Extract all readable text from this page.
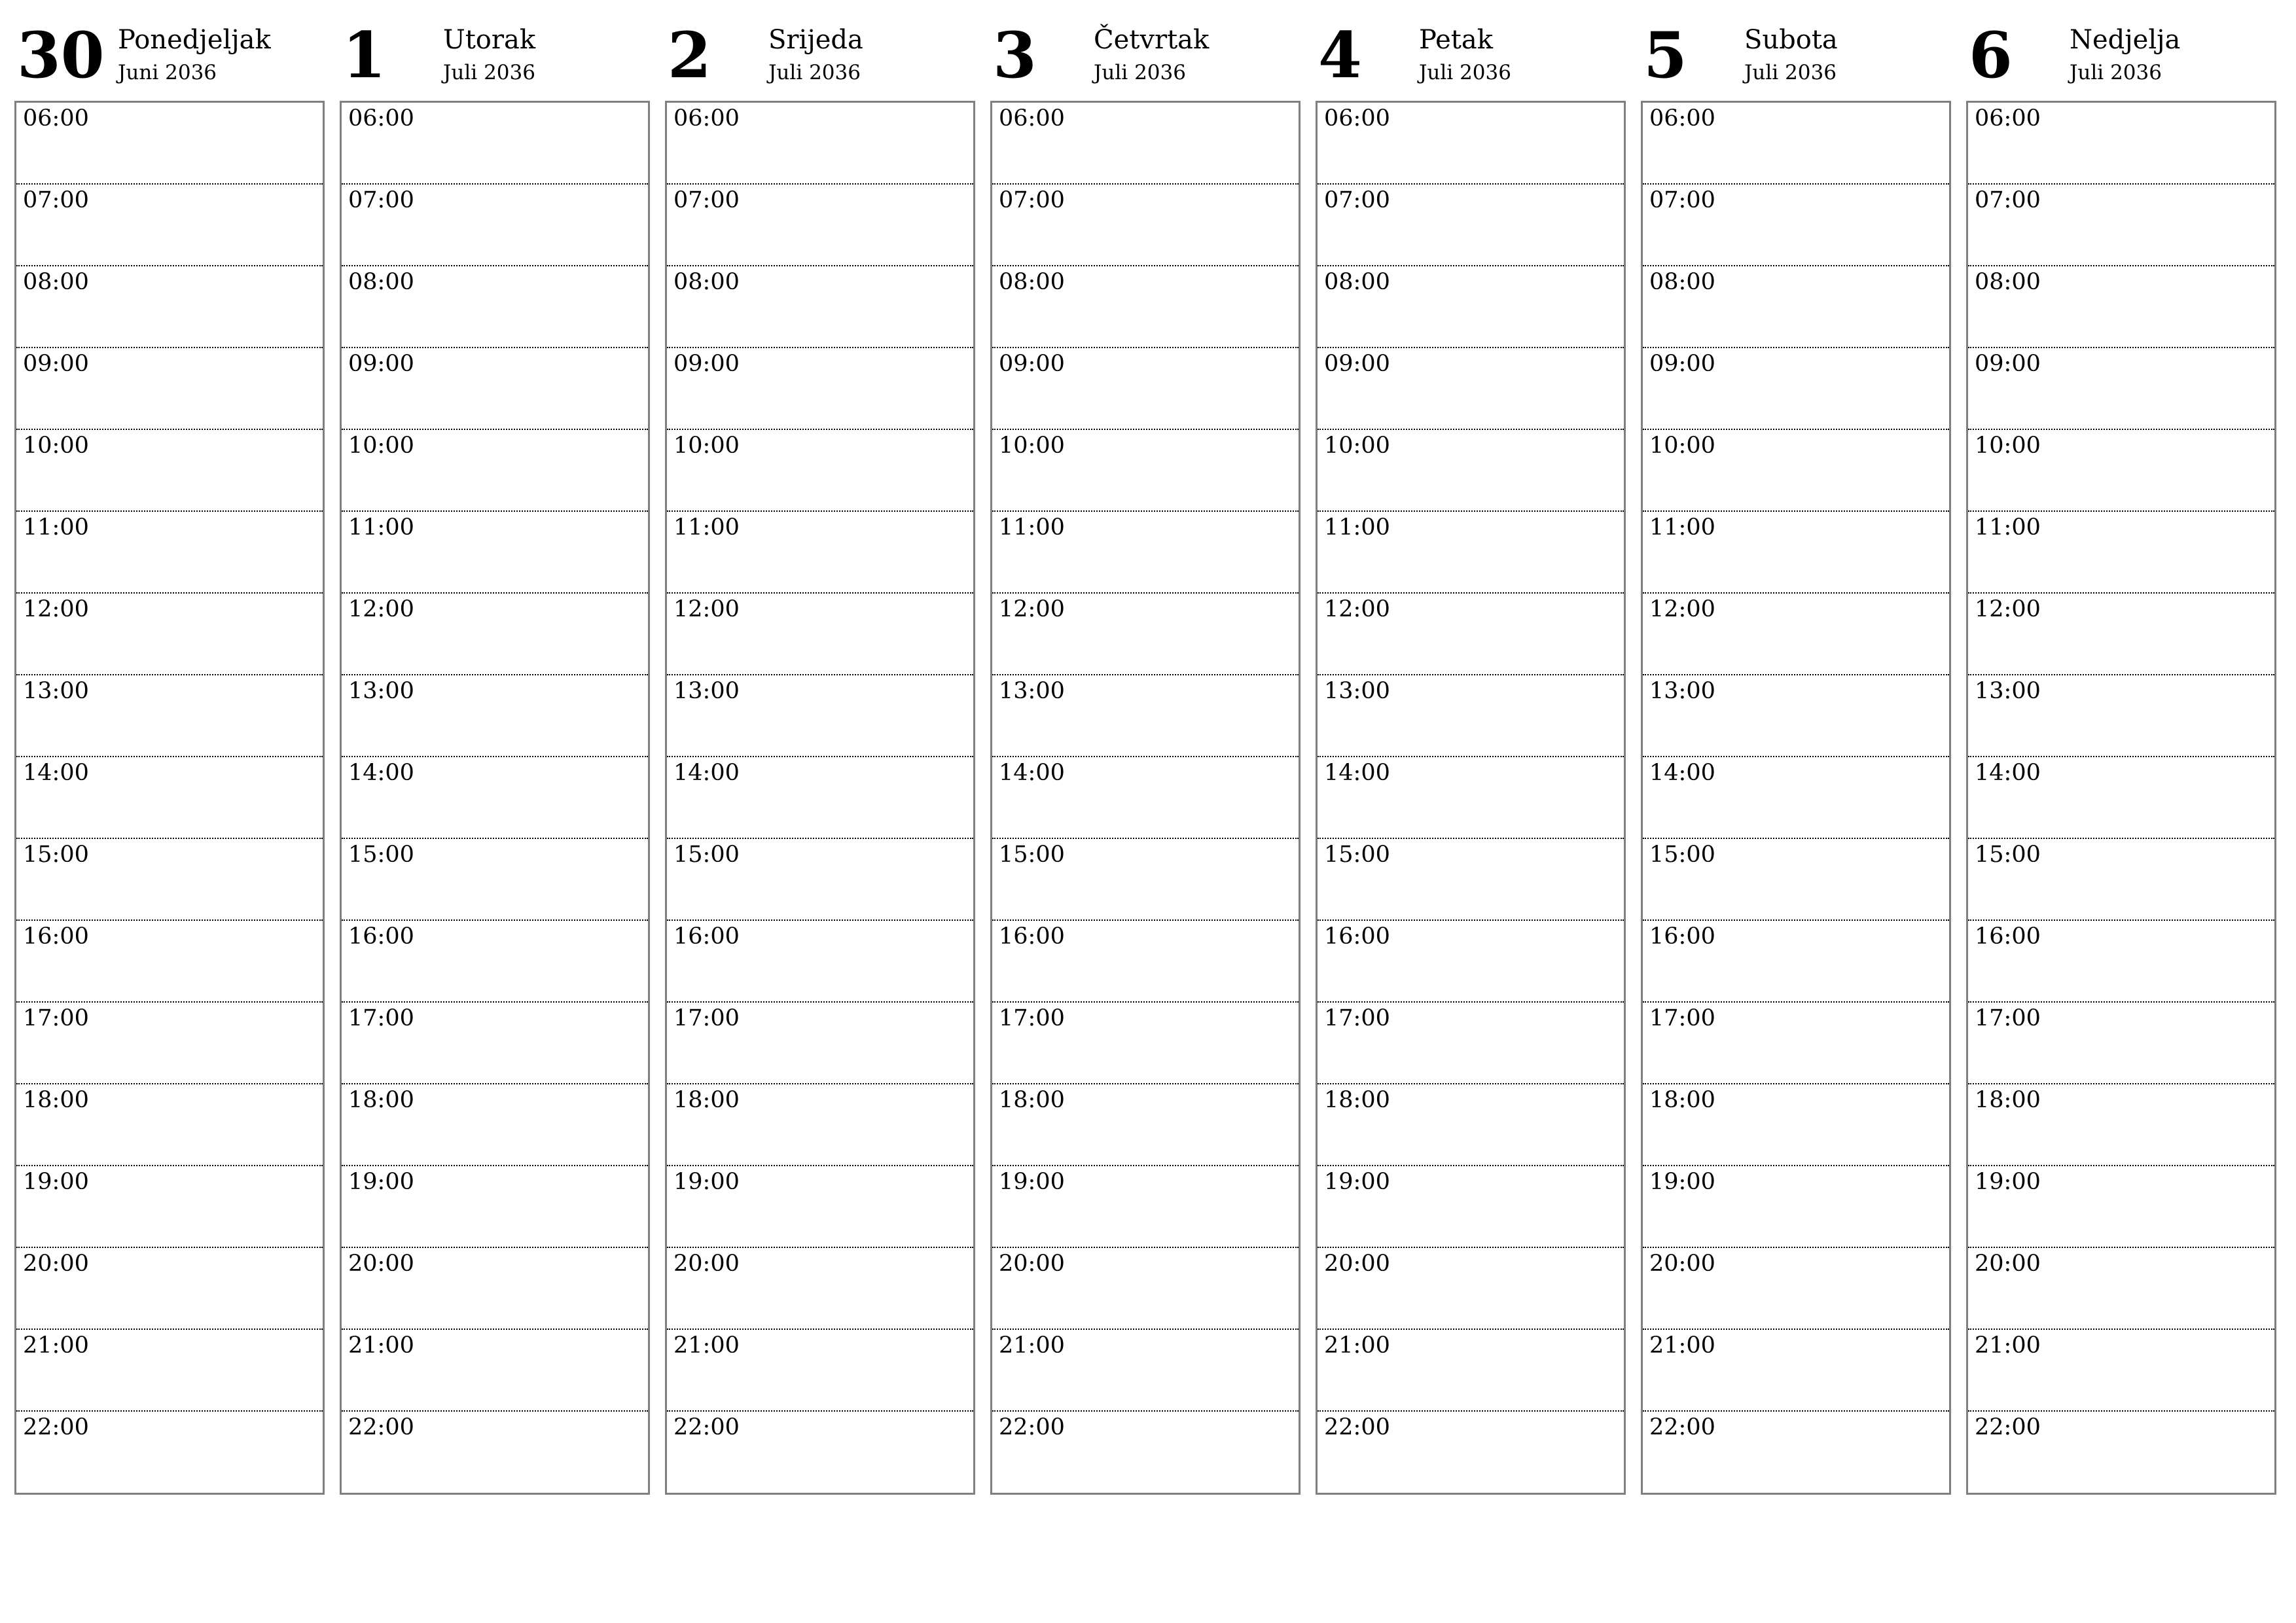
30 Ponedjeljak
Juni 2036
06:00
07:00
08:00
09:00
10:00
11:00
12:00
13:00
14:00
15:00
16:00
17:00
18:00
19:00
20:00
21:00
22:00
1 Utorak
Juli 2036
06:00
07:00
08:00
09:00
10:00
11:00
12:00
13:00
14:00
15:00
16:00
17:00
18:00
19:00
20:00
21:00
22:00
2 Srijeda
Juli 2036
06:00
07:00
08:00
09:00
10:00
11:00
12:00
13:00
14:00
15:00
16:00
17:00
18:00
19:00
20:00
21:00
22:00
3 Četvrtak
Juli 2036
06:00
07:00
08:00
09:00
10:00
11:00
12:00
13:00
14:00
15:00
16:00
17:00
18:00
19:00
20:00
21:00
22:00
4 Petak
Juli 2036
06:00
07:00
08:00
09:00
10:00
11:00
12:00
13:00
14:00
15:00
16:00
17:00
18:00
19:00
20:00
21:00
22:00
5 Subota
Juli 2036
06:00
07:00
08:00
09:00
10:00
11:00
12:00
13:00
14:00
15:00
16:00
17:00
18:00
19:00
20:00
21:00
22:00
6 Nedjelja
Juli 2036
06:00
07:00
08:00
09:00
10:00
11:00
12:00
13:00
14:00
15:00
16:00
17:00
18:00
19:00
20:00
21:00
22:00
